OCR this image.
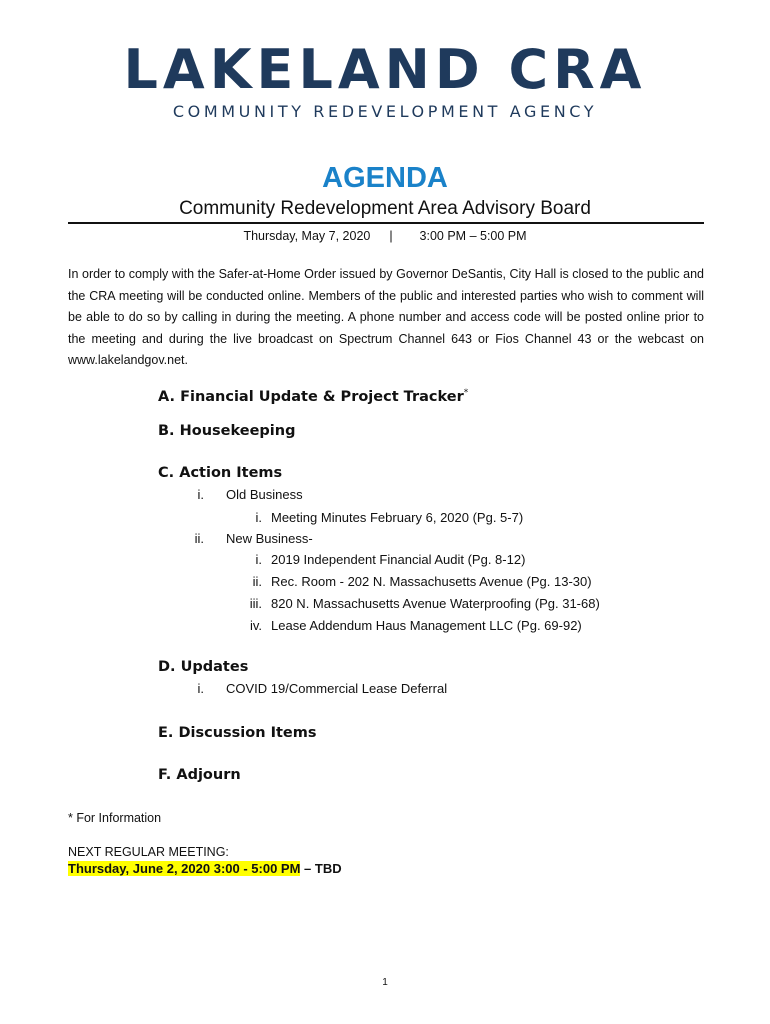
LAKELAND CRA
COMMUNITY REDEVELOPMENT AGENCY
AGENDA
Community Redevelopment Area Advisory Board
Thursday, May 7, 2020 | 3:00 PM – 5:00 PM
In order to comply with the Safer-at-Home Order issued by Governor DeSantis, City Hall is closed to the public and the CRA meeting will be conducted online. Members of the public and interested parties who wish to comment will be able to do so by calling in during the meeting. A phone number and access code will be posted online prior to the meeting and during the live broadcast on Spectrum Channel 643 or Fios Channel 43 or the webcast on www.lakelandgov.net.
A. Financial Update & Project Tracker*
B. Housekeeping
C. Action Items
i. Old Business
i. Meeting Minutes February 6, 2020 (Pg. 5-7)
ii. New Business-
i. 2019 Independent Financial Audit (Pg. 8-12)
ii. Rec. Room - 202 N. Massachusetts Avenue (Pg. 13-30)
iii. 820 N. Massachusetts Avenue Waterproofing (Pg. 31-68)
iv. Lease Addendum Haus Management LLC (Pg. 69-92)
D. Updates
i. COVID 19/Commercial Lease Deferral
E. Discussion Items
F. Adjourn
* For Information
NEXT REGULAR MEETING:
Thursday, June 2, 2020 3:00 - 5:00 PM – TBD
1
